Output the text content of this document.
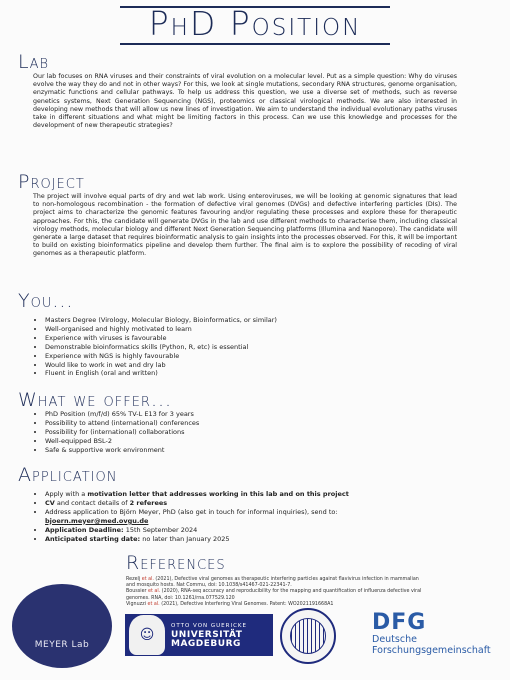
PhD Position
Lab
Our lab focuses on RNA viruses and their constraints of viral evolution on a molecular level. Put as a simple question: Why do viruses evolve the way they do and not in other ways? For this, we look at single mutations, secondary RNA structures, genome organisation, enzymatic functions and cellular pathways. To help us address this question, we use a diverse set of methods, such as reverse genetics systems, Next Generation Sequencing (NGS), proteomics or classical virological methods. We are also interested in developing new methods that will allow us new lines of investigation. We aim to understand the individual evolutionary paths viruses take in different situations and what might be limiting factors in this process. Can we use this knowledge and processes for the development of new therapeutic strategies?
Project
The project will involve equal parts of dry and wet lab work. Using enteroviruses, we will be looking at genomic signatures that lead to non-homologous recombination - the formation of defective viral genomes (DVGs) and defective interfering particles (DIs). The project aims to characterize the genomic features favouring and/or regulating these processes and explore these for therapeutic approaches. For this, the candidate will generate DVGs in the lab and use different methods to characterise them, including classical virology methods, molecular biology and different Next Generation Sequencing platforms (Illumina and Nanopore). The candidate will generate a large dataset that requires bioinformatic analysis to gain insights into the processes observed. For this, it will be important to build on existing bioinformatics pipeline and develop them further. The final aim is to explore the possibility of recoding of viral genomes as a therapeutic platform.
You...
• Masters Degree (Virology, Molecular Biology, Bioinformatics, or similar)
• Well-organised and highly motivated to learn
• Experience with viruses is favourable
• Demonstrable bioinformatics skills (Python, R, etc) is essential
• Experience with NGS is highly favourable
• Would like to work in wet and dry lab
• Fluent in English (oral and written)
What we offer...
• PhD Position (m/f/d) 65% TV-L E13 for 3 years
• Possibility to attend (international) conferences
• Possibility for (international) collaborations
• Well-equipped BSL-2
• Safe & supportive work environment
Application
• Apply with a motivation letter that addresses working in this lab and on this project
• CV and contact details of 2 referees
• Address application to Björn Meyer, PhD (also get in touch for informal inquiries), send to:
bjoern.meyer@med.ovgu.de
• Application Deadline: 15th September 2024
• Anticipated starting date: no later than January 2025
References
Rezelj et al. (2021), Defective viral genomes as therapeutic interfering particles against flavivirus infection in mammalian and mosquito hosts. Nat Commu, doi: 10.1038/s41467-021-22341-7.
Boussier et al. (2020), RNA-seq accuracy and reproducibility for the mapping and quantification of influenza defective viral genomes. RNA, doi: 10.1261/rna.077529.120
Vignuzzi et al. (2021), Defective Interfering Viral Genomes. Patent: WO2021191668A1
MEYER Lab
☺
OTTO VON GUERICKE
UNIVERSITÄT
MAGDEBURG
DFG
Deutsche
Forschungsgemeinschaft
